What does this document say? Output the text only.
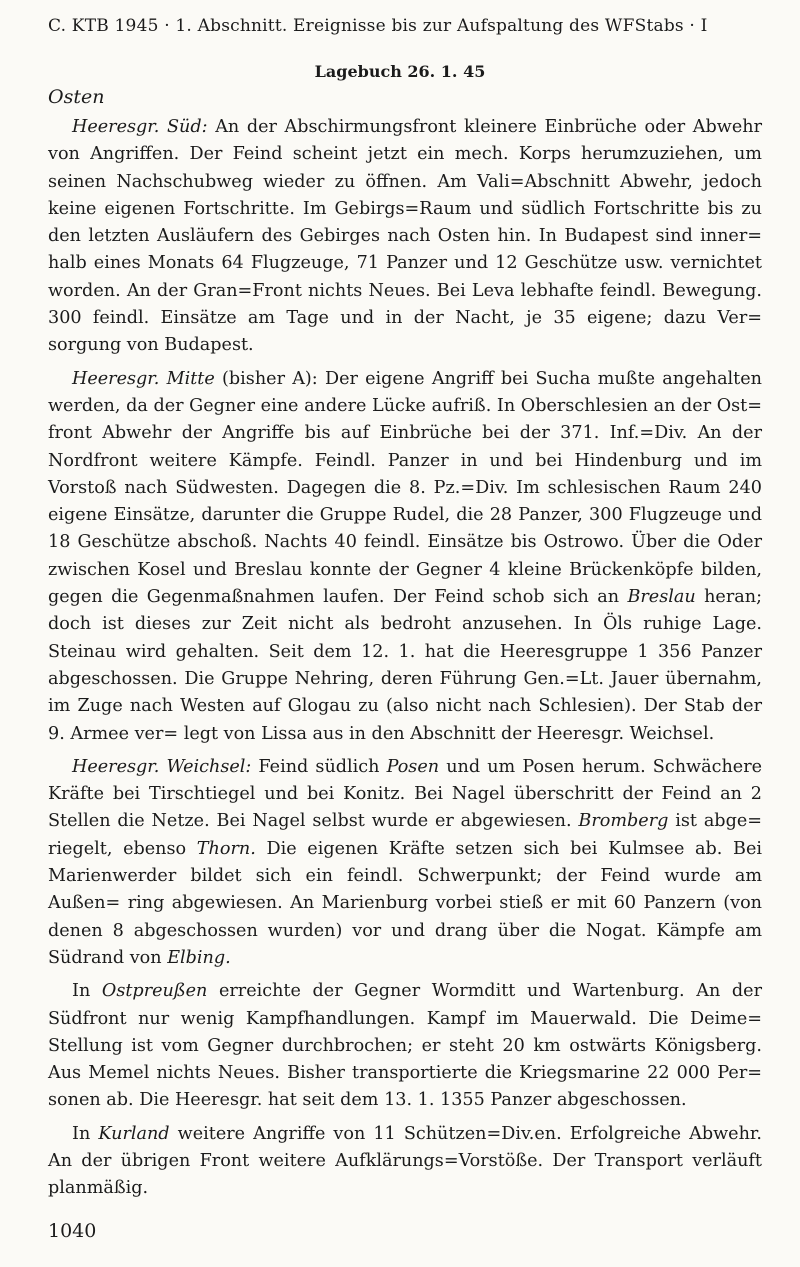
C. KTB 1945 · 1. Abschnitt. Ereignisse bis zur Aufspaltung des WFStabs · I
Lagebuch 26. 1. 45
Osten

Heeresgr. Süd: An der Abschirmungsfront kleinere Einbrüche oder Abwehr von Angriffen. Der Feind scheint jetzt ein mech. Korps herumzuziehen, um seinen Nachschubweg wieder zu öffnen. Am Vali=Abschnitt Abwehr, jedoch keine eigenen Fortschritte. Im Gebirgs=Raum und südlich Fortschritte bis zu den letzten Ausläufern des Gebirges nach Osten hin. In Budapest sind inner= halb eines Monats 64 Flugzeuge, 71 Panzer und 12 Geschütze usw. vernichtet worden. An der Gran=Front nichts Neues. Bei Leva lebhafte feindl. Bewegung. 300 feindl. Einsätze am Tage und in der Nacht, je 35 eigene; dazu Ver= sorgung von Budapest.

Heeresgr. Mitte (bisher A): Der eigene Angriff bei Sucha mußte angehalten werden, da der Gegner eine andere Lücke aufriß. In Oberschlesien an der Ost= front Abwehr der Angriffe bis auf Einbrüche bei der 371. Inf.=Div. An der Nordfront weitere Kämpfe. Feindl. Panzer in und bei Hindenburg und im Vorstoß nach Südwesten. Dagegen die 8. Pz.=Div. Im schlesischen Raum 240 eigene Einsätze, darunter die Gruppe Rudel, die 28 Panzer, 300 Flugzeuge und 18 Geschütze abschoß. Nachts 40 feindl. Einsätze bis Ostrowo. Über die Oder zwischen Kosel und Breslau konnte der Gegner 4 kleine Brückenköpfe bilden, gegen die Gegenmaßnahmen laufen. Der Feind schob sich an Breslau heran; doch ist dieses zur Zeit nicht als bedroht anzusehen. In Öls ruhige Lage. Steinau wird gehalten. Seit dem 12. 1. hat die Heeresgruppe 1 356 Panzer abgeschossen. Die Gruppe Nehring, deren Führung Gen.=Lt. Jauer übernahm, im Zuge nach Westen auf Glogau zu (also nicht nach Schlesien). Der Stab der 9. Armee ver= legt von Lissa aus in den Abschnitt der Heeresgr. Weichsel.

Heeresgr. Weichsel: Feind südlich Posen und um Posen herum. Schwächere Kräfte bei Tirschtiegel und bei Konitz. Bei Nagel überschritt der Feind an 2 Stellen die Netze. Bei Nagel selbst wurde er abgewiesen. Bromberg ist abge= riegelt, ebenso Thorn. Die eigenen Kräfte setzen sich bei Kulmsee ab. Bei Marienwerder bildet sich ein feindl. Schwerpunkt; der Feind wurde am Außen= ring abgewiesen. An Marienburg vorbei stieß er mit 60 Panzern (von denen 8 abgeschossen wurden) vor und drang über die Nogat. Kämpfe am Südrand von Elbing.

In Ostpreußen erreichte der Gegner Wormditt und Wartenburg. An der Südfront nur wenig Kampfhandlungen. Kampf im Mauerwald. Die Deime= Stellung ist vom Gegner durchbrochen; er steht 20 km ostwärts Königsberg. Aus Memel nichts Neues. Bisher transportierte die Kriegsmarine 22 000 Per= sonen ab. Die Heeresgr. hat seit dem 13. 1. 1355 Panzer abgeschossen.

In Kurland weitere Angriffe von 11 Schützen=Div.en. Erfolgreiche Abwehr. An der übrigen Front weitere Aufklärungs=Vorstöße. Der Transport verläuft planmäßig.

1040
